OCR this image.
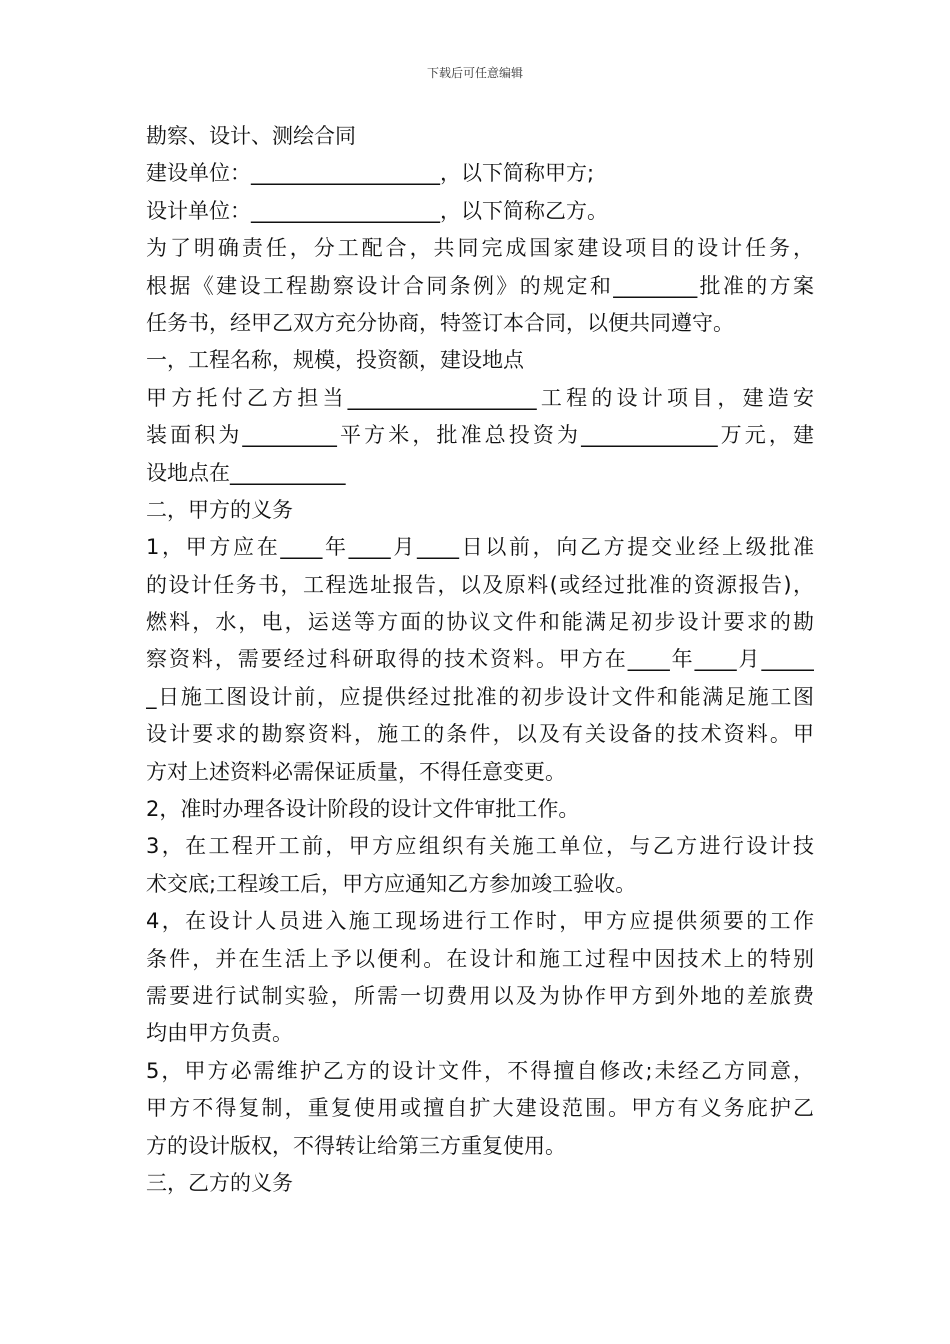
下载后可任意编辑
勘察、设计、测绘合同
建设单位：__________________，以下简称甲方;
设计单位：__________________，以下简称乙方。
为了明确责任，分工配合，共同完成国家建设项目的设计任务，
根据《建设工程勘察设计合同条例》的规定和________批准的方案
任务书，经甲乙双方充分协商，特签订本合同，以便共同遵守。
一，工程名称，规模，投资额，建设地点
甲方托付乙方担当__________________工程的设计项目，建造安
装面积为_________平方米，批准总投资为_____________万元，建
设地点在___________
二，甲方的义务
1，甲方应在____年____月____日以前，向乙方提交业经上级批准
的设计任务书，工程选址报告，以及原料(或经过批准的资源报告)，
燃料，水，电，运送等方面的协议文件和能满足初步设计要求的勘
察资料，需要经过科研取得的技术资料。甲方在____年____月_____
_日施工图设计前，应提供经过批准的初步设计文件和能满足施工图
设计要求的勘察资料，施工的条件，以及有关设备的技术资料。甲
方对上述资料必需保证质量，不得任意变更。
2，准时办理各设计阶段的设计文件审批工作。
3，在工程开工前，甲方应组织有关施工单位，与乙方进行设计技
术交底;工程竣工后，甲方应通知乙方参加竣工验收。
4，在设计人员进入施工现场进行工作时，甲方应提供须要的工作
条件，并在生活上予以便利。在设计和施工过程中因技术上的特别
需要进行试制实验，所需一切费用以及为协作甲方到外地的差旅费
均由甲方负责。
5，甲方必需维护乙方的设计文件，不得擅自修改;未经乙方同意，
甲方不得复制，重复使用或擅自扩大建设范围。甲方有义务庇护乙
方的设计版权，不得转让给第三方重复使用。
三，乙方的义务
